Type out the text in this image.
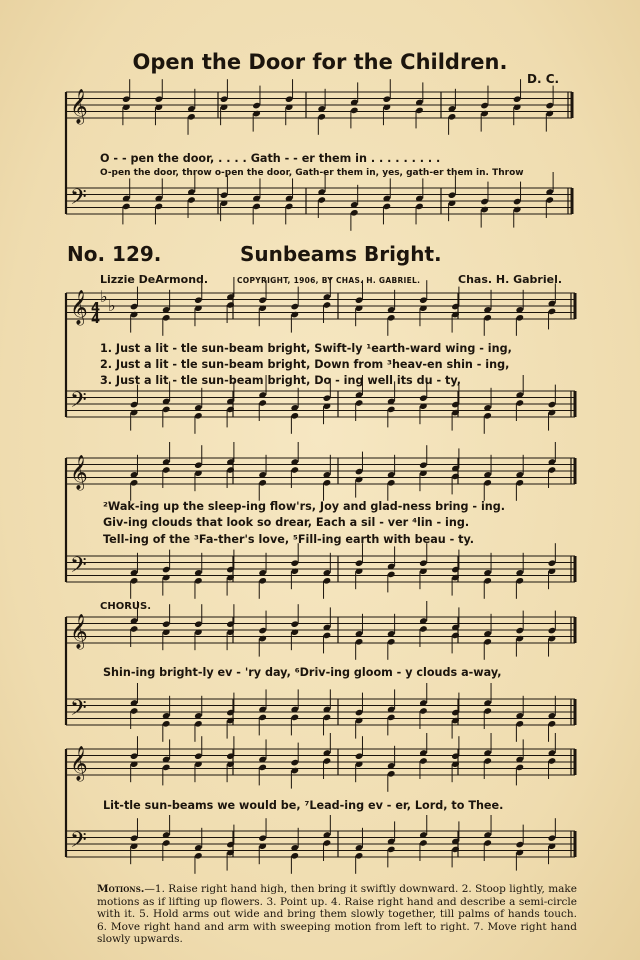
Open the Door for the Children.
D. C.
O - - pen the door, . . . . Gath - - er them in . . . . . . . . .
O-pen the door, throw o-pen the door, Gath-er them in, yes, gath-er them in. Throw
No. 129.	Sunbeams Bright.
Lizzie DeArmond.	COPYRIGHT, 1906, BY CHAS. H. GABRIEL.	Chas. H. Gabriel.
1. Just a lit - tle sun-beam bright, Swift-ly ¹earth-ward wing - ing,
2. Just a lit - tle sun-beam bright, Down from ³heav-en shin - ing,
3. Just a lit - tle sun-beam bright, Do - ing well its du - ty,
²Wak-ing up the sleep-ing flow'rs, Joy and glad-ness bring - ing.
Giv-ing clouds that look so drear, Each a sil - ver ⁴lin - ing.
Tell-ing of the ³Fa-ther's love, ⁵Fill-ing earth with beau - ty.
CHORUS.
Shin-ing bright-ly ev - 'ry day, ⁶Driv-ing gloom - y clouds a-way,
Lit-tle sun-beams we would be, ⁷Lead-ing ev - er, Lord, to Thee.
Motions.—1. Raise right hand high, then bring it swiftly downward. 2. Stoop lightly, make motions as if lifting up flowers. 3. Point up. 4. Raise right hand and describe a semi-circle with it. 5. Hold arms out wide and bring them slowly together, till palms of hands touch. 6. Move right hand and arm with sweeping motion from left to right. 7. Move right hand slowly upwards.
𝄞
𝄢
𝄞
𝄢
𝄞
𝄢
𝄞
𝄢
𝄞
𝄢
♭ ♭
4
4
